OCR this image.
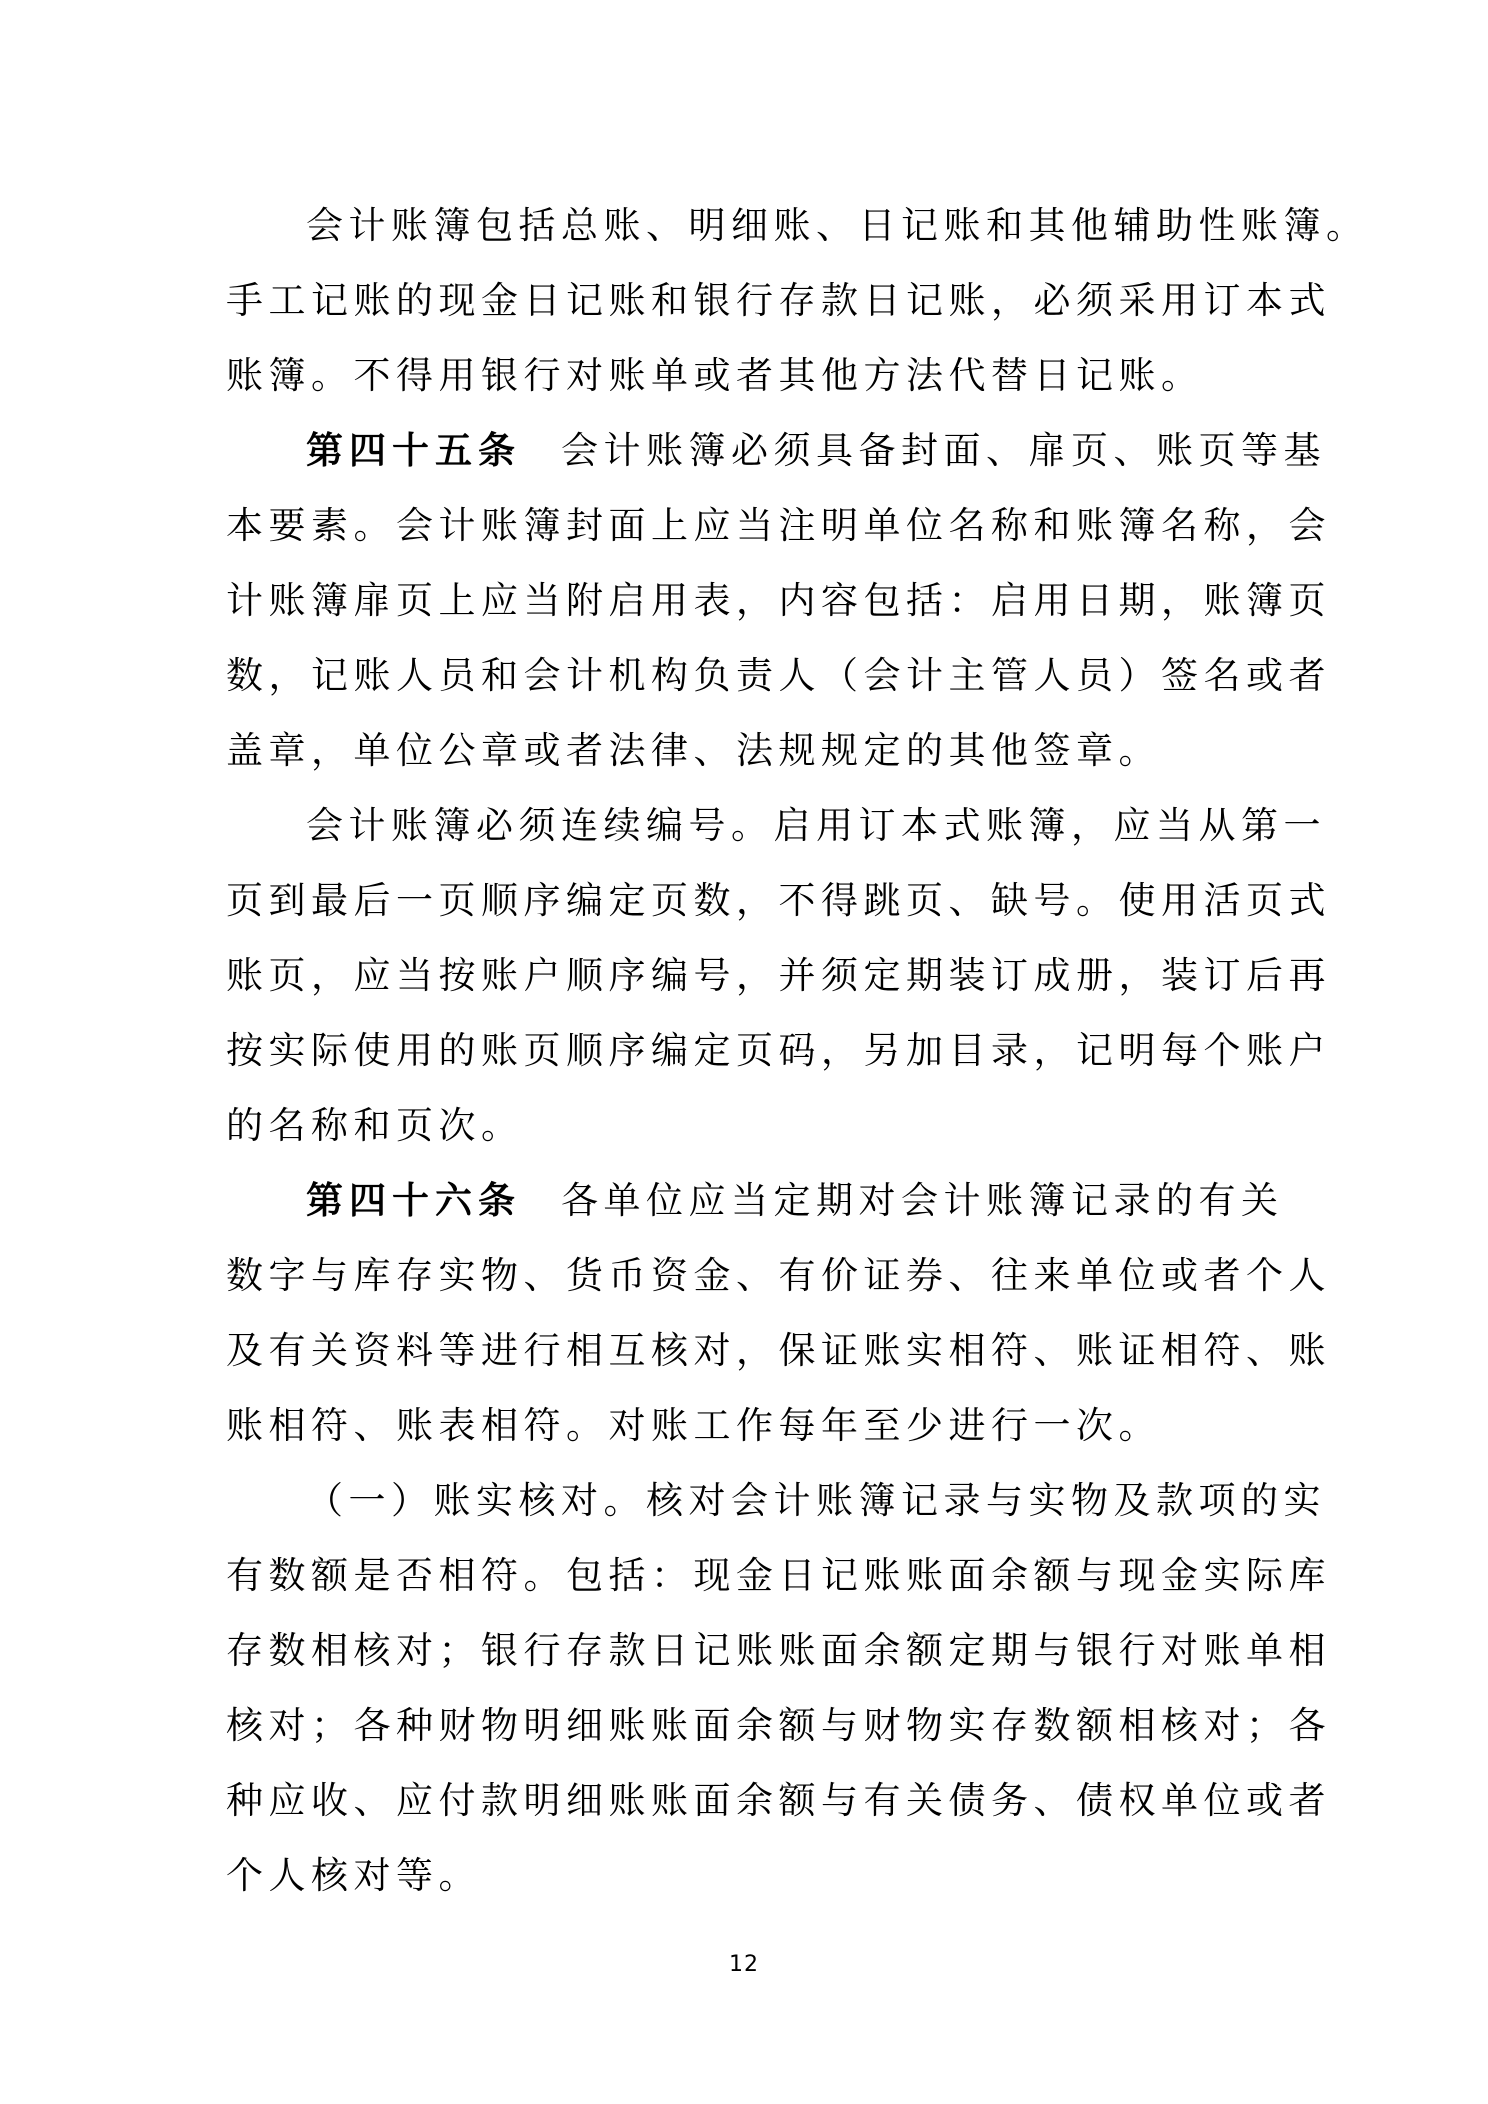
会计账簿包括总账、明细账、日记账和其他辅助性账簿。
手工记账的现金日记账和银行存款日记账，必须采用订本式
账簿。不得用银行对账单或者其他方法代替日记账。
第四十五条 会计账簿必须具备封面、扉页、账页等基
本要素。会计账簿封面上应当注明单位名称和账簿名称，会
计账簿扉页上应当附启用表，内容包括：启用日期，账簿页
数，记账人员和会计机构负责人（会计主管人员）签名或者
盖章，单位公章或者法律、法规规定的其他签章。
会计账簿必须连续编号。启用订本式账簿，应当从第一
页到最后一页顺序编定页数，不得跳页、缺号。使用活页式
账页，应当按账户顺序编号，并须定期装订成册，装订后再
按实际使用的账页顺序编定页码，另加目录，记明每个账户
的名称和页次。
第四十六条 各单位应当定期对会计账簿记录的有关
数字与库存实物、货币资金、有价证券、往来单位或者个人
及有关资料等进行相互核对，保证账实相符、账证相符、账
账相符、账表相符。对账工作每年至少进行一次。
（一）账实核对。核对会计账簿记录与实物及款项的实
有数额是否相符。包括：现金日记账账面余额与现金实际库
存数相核对；银行存款日记账账面余额定期与银行对账单相
核对；各种财物明细账账面余额与财物实存数额相核对；各
种应收、应付款明细账账面余额与有关债务、债权单位或者
个人核对等。
12
